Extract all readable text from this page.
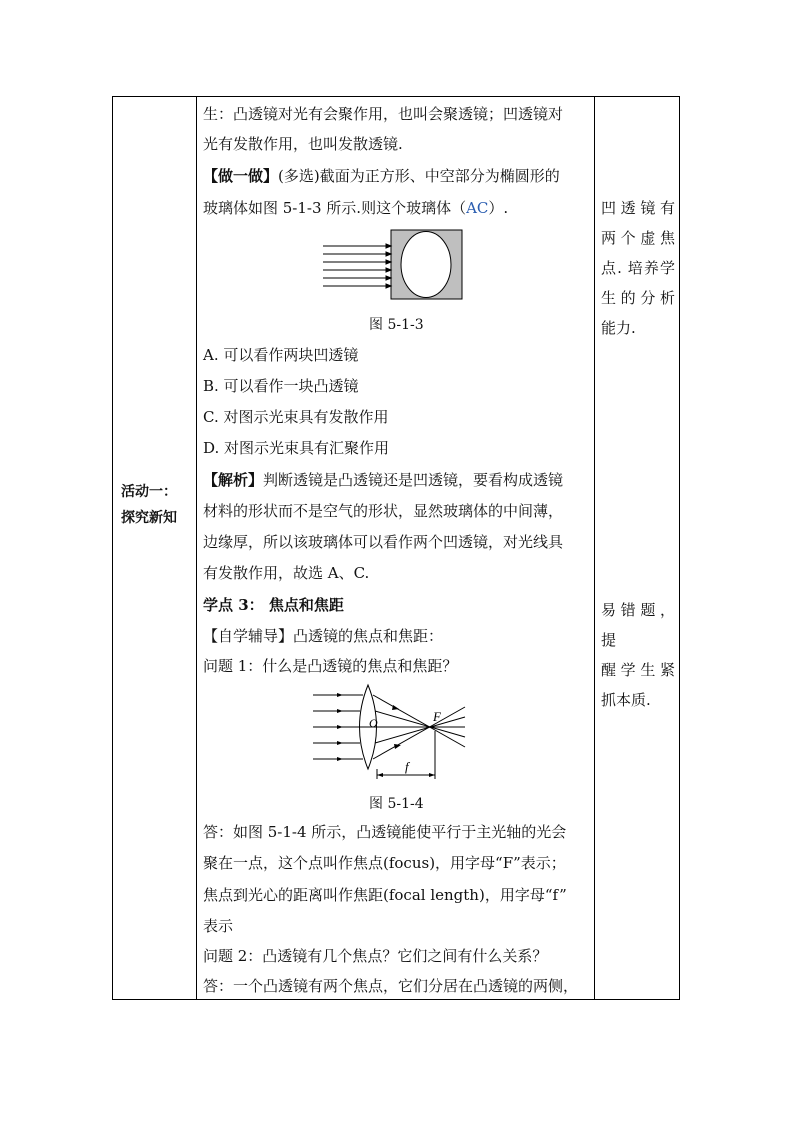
活动一：
探究新知
生：凸透镜对光有会聚作用，也叫会聚透镜；凹透镜对
光有发散作用，也叫发散透镜.
【做一做】(多选)截面为正方形、中空部分为椭圆形的
玻璃体如图 5-1-3 所示.则这个玻璃体（AC）.
图 5-1-3
A. 可以看作两块凹透镜
B. 可以看作一块凸透镜
C. 对图示光束具有发散作用
D. 对图示光束具有汇聚作用
【解析】判断透镜是凸透镜还是凹透镜，要看构成透镜
材料的形状而不是空气的形状，显然玻璃体的中间薄，
边缘厚，所以该玻璃体可以看作两个凹透镜，对光线具
有发散作用，故选 A、C.
学点 3： 焦点和焦距
【自学辅导】凸透镜的焦点和焦距：
问题 1：什么是凸透镜的焦点和焦距？
O	F
f
图 5-1-4
答：如图 5-1-4 所示，凸透镜能使平行于主光轴的光会
聚在一点，这个点叫作焦点(focus)，用字母“F”表示；
焦点到光心的距离叫作焦距(focal length)，用字母“f”
表示
问题 2：凸透镜有几个焦点？它们之间有什么关系？
答：一个凸透镜有两个焦点，它们分居在凸透镜的两侧，
凹透镜有
两个虚焦
点. 培养学
生的分析
能力.
易错题，提
醒学生紧
抓本质.
